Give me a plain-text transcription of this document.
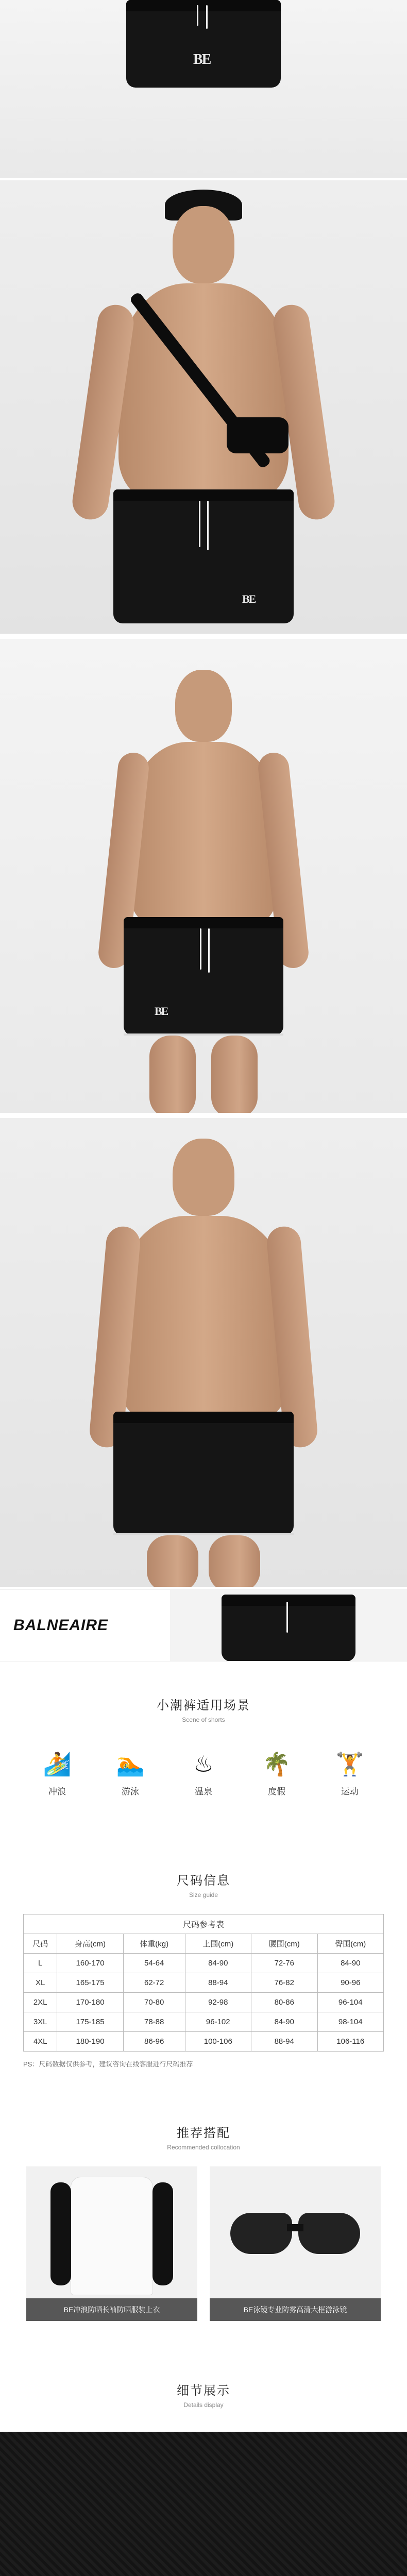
BE
BE
BE
BALNEAIRE
小潮裤适用场景
Scene of shorts
🏄
冲浪
🏊
游泳
♨
温泉
🌴
度假
🏋
运动
尺码信息
Size guide
尺码参考表					
尺码	身高(cm)	体重(kg)	上围(cm)	腰围(cm)	臀围(cm)
L	160-170	54-64	84-90	72-76	84-90
XL	165-175	62-72	88-94	76-82	90-96
2XL	170-180	70-80	92-98	80-86	96-104
3XL	175-185	78-88	96-102	84-90	98-104
4XL	180-190	86-96	100-106	88-94	106-116
PS：尺码数据仅供参考，建议咨询在线客服进行尺码推荐
推荐搭配
Recommended collocation
BE冲浪防晒长袖防晒服装上衣	BE泳镜专业防雾高清大框游泳镜
细节展示
Details display
